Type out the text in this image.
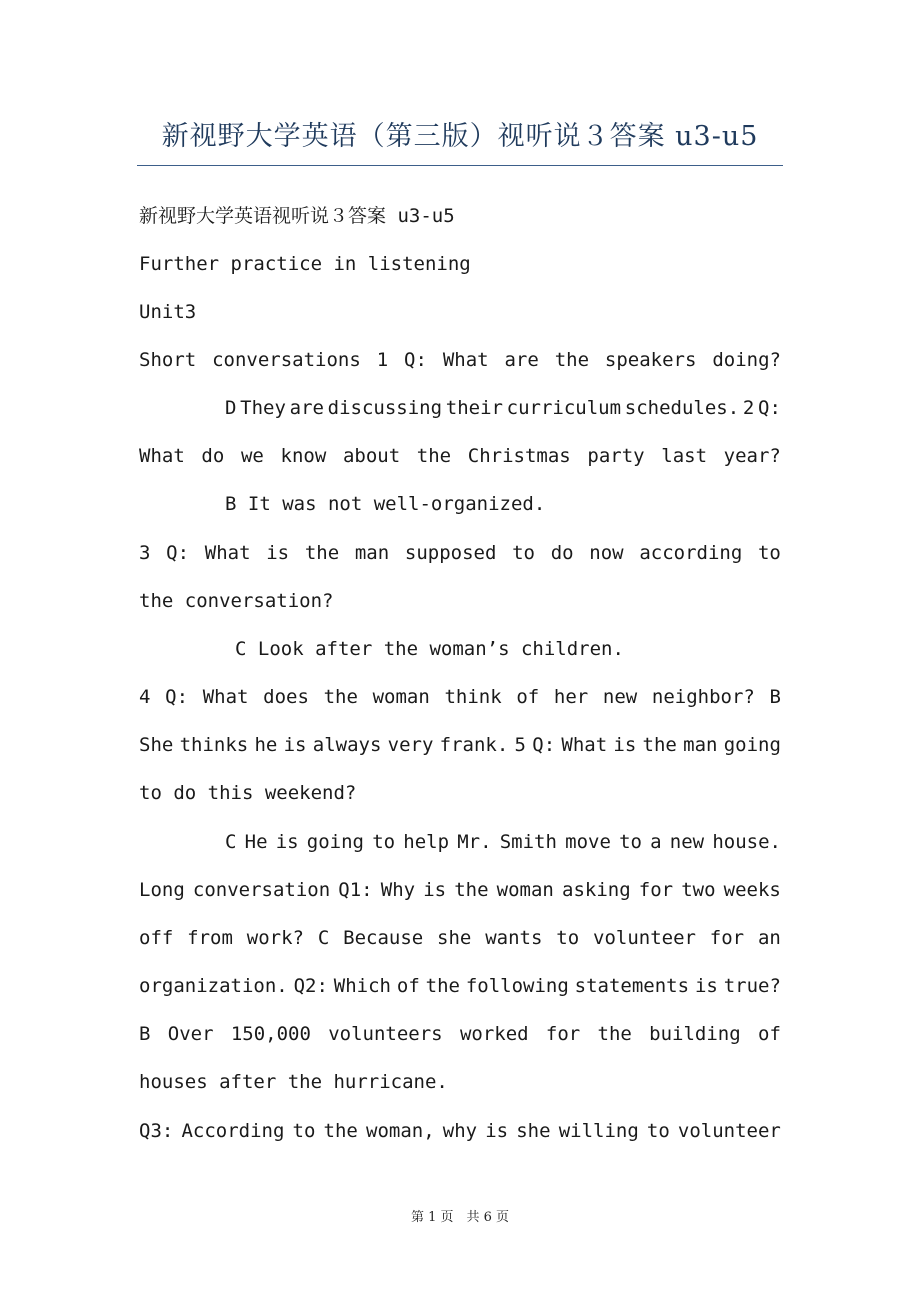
新视野大学英语（第三版）视听说３答案 u3-u5
新视野大学英语视听说３答案 u3-u5
Further practice in listening
Unit3
Short conversations 1 Q: What are the speakers doing?
D They are discussing their curriculum schedules. 2 Q:
What do we know about the Christmas party last year?
B It was not well-organized.
3 Q: What is the man supposed to do now according to
the conversation?
C Look after the woman’s children.
4 Q: What does the woman think of her new neighbor? B
She thinks he is always very frank. 5 Q: What is the man going
to do this weekend?
C He is going to help Mr. Smith move to a new house.
Long conversation Q1: Why is the woman asking for two weeks
off from work? C Because she wants to volunteer for an
organization. Q2: Which of the following statements is true?
B Over 150,000 volunteers worked for the building of
houses after the hurricane.
Q3: According to the woman, why is she willing to volunteer
第 1 页　共 6 页
